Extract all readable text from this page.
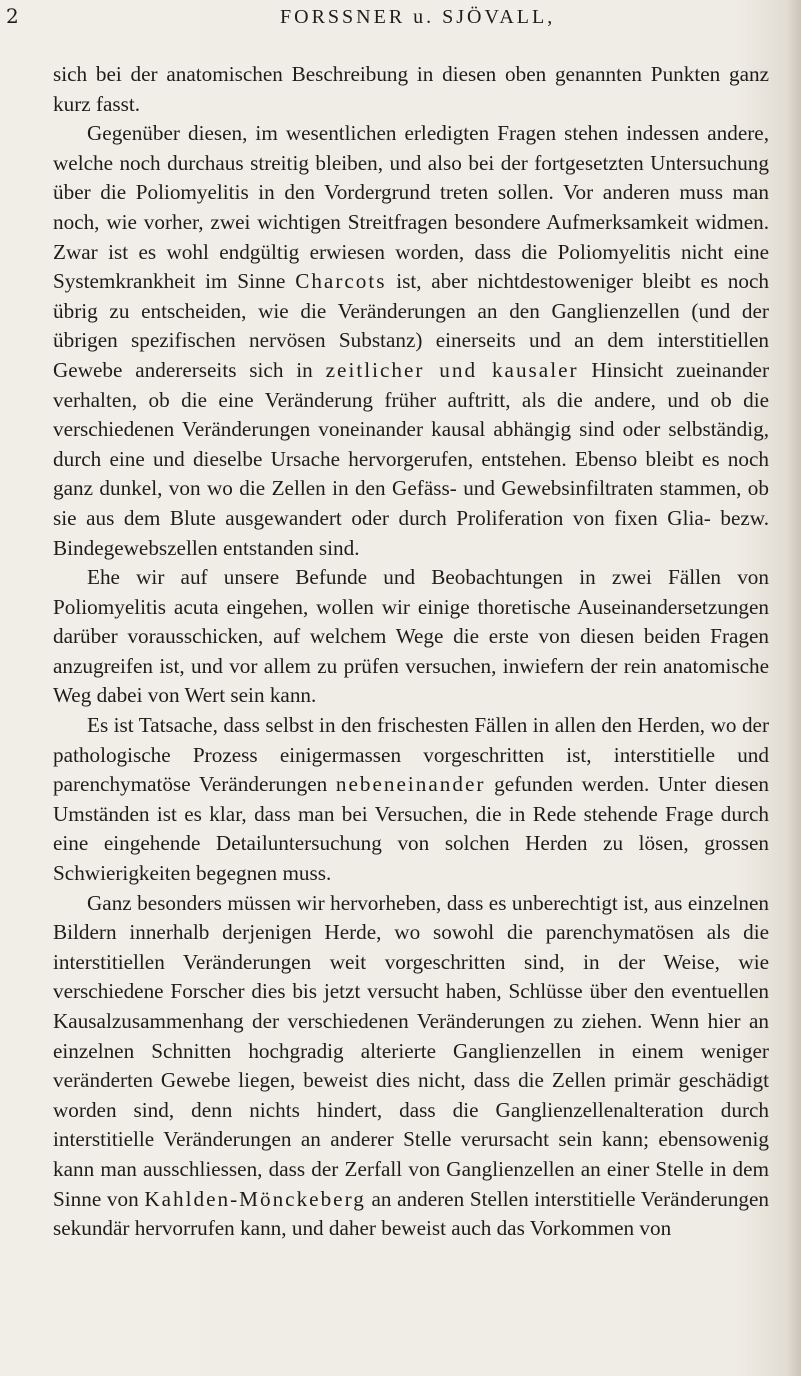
2	FORSSNER u. SJÖVALL,

sich bei der anatomischen Beschreibung in diesen oben genannten Punkten ganz kurz fasst.

Gegenüber diesen, im wesentlichen erledigten Fragen stehen indessen andere, welche noch durchaus streitig bleiben, und also bei der fortgesetzten Untersuchung über die Poliomyelitis in den Vordergrund treten sollen. Vor anderen muss man noch, wie vorher, zwei wichtigen Streitfragen besondere Aufmerksamkeit widmen. Zwar ist es wohl endgültig erwiesen worden, dass die Poliomyelitis nicht eine Systemkrankheit im Sinne Charcots ist, aber nichtdestoweniger bleibt es noch übrig zu entscheiden, wie die Veränderungen an den Ganglienzellen (und der übrigen spezifischen nervösen Substanz) einerseits und an dem interstitiellen Gewebe andererseits sich in zeitlicher und kausaler Hinsicht zueinander verhalten, ob die eine Veränderung früher auftritt, als die andere, und ob die verschiedenen Veränderungen voneinander kausal abhängig sind oder selbständig, durch eine und dieselbe Ursache hervorgerufen, entstehen. Ebenso bleibt es noch ganz dunkel, von wo die Zellen in den Gefäss- und Gewebsinfiltraten stammen, ob sie aus dem Blute ausgewandert oder durch Proliferation von fixen Glia- bezw. Bindegewebszellen entstanden sind.

Ehe wir auf unsere Befunde und Beobachtungen in zwei Fällen von Poliomyelitis acuta eingehen, wollen wir einige thoretische Auseinandersetzungen darüber vorausschicken, auf welchem Wege die erste von diesen beiden Fragen anzugreifen ist, und vor allem zu prüfen versuchen, inwiefern der rein anatomische Weg dabei von Wert sein kann.

Es ist Tatsache, dass selbst in den frischesten Fällen in allen den Herden, wo der pathologische Prozess einigermassen vorgeschritten ist, interstitielle und parenchymatöse Veränderungen nebeneinander gefunden werden. Unter diesen Umständen ist es klar, dass man bei Versuchen, die in Rede stehende Frage durch eine eingehende Detailuntersuchung von solchen Herden zu lösen, grossen Schwierigkeiten begegnen muss.

Ganz besonders müssen wir hervorheben, dass es unberechtigt ist, aus einzelnen Bildern innerhalb derjenigen Herde, wo sowohl die parenchymatösen als die interstitiellen Veränderungen weit vorgeschritten sind, in der Weise, wie verschiedene Forscher dies bis jetzt versucht haben, Schlüsse über den eventuellen Kausalzusammenhang der verschiedenen Veränderungen zu ziehen. Wenn hier an einzelnen Schnitten hochgradig alterierte Ganglienzellen in einem weniger veränderten Gewebe liegen, beweist dies nicht, dass die Zellen primär geschädigt worden sind, denn nichts hindert, dass die Ganglienzellenalteration durch interstitielle Veränderungen an anderer Stelle verursacht sein kann; ebensowenig kann man ausschliessen, dass der Zerfall von Ganglienzellen an einer Stelle in dem Sinne von Kahlden-Mönckeberg an anderen Stellen interstitielle Veränderungen sekundär hervorrufen kann, und daher beweist auch das Vorkommen von
